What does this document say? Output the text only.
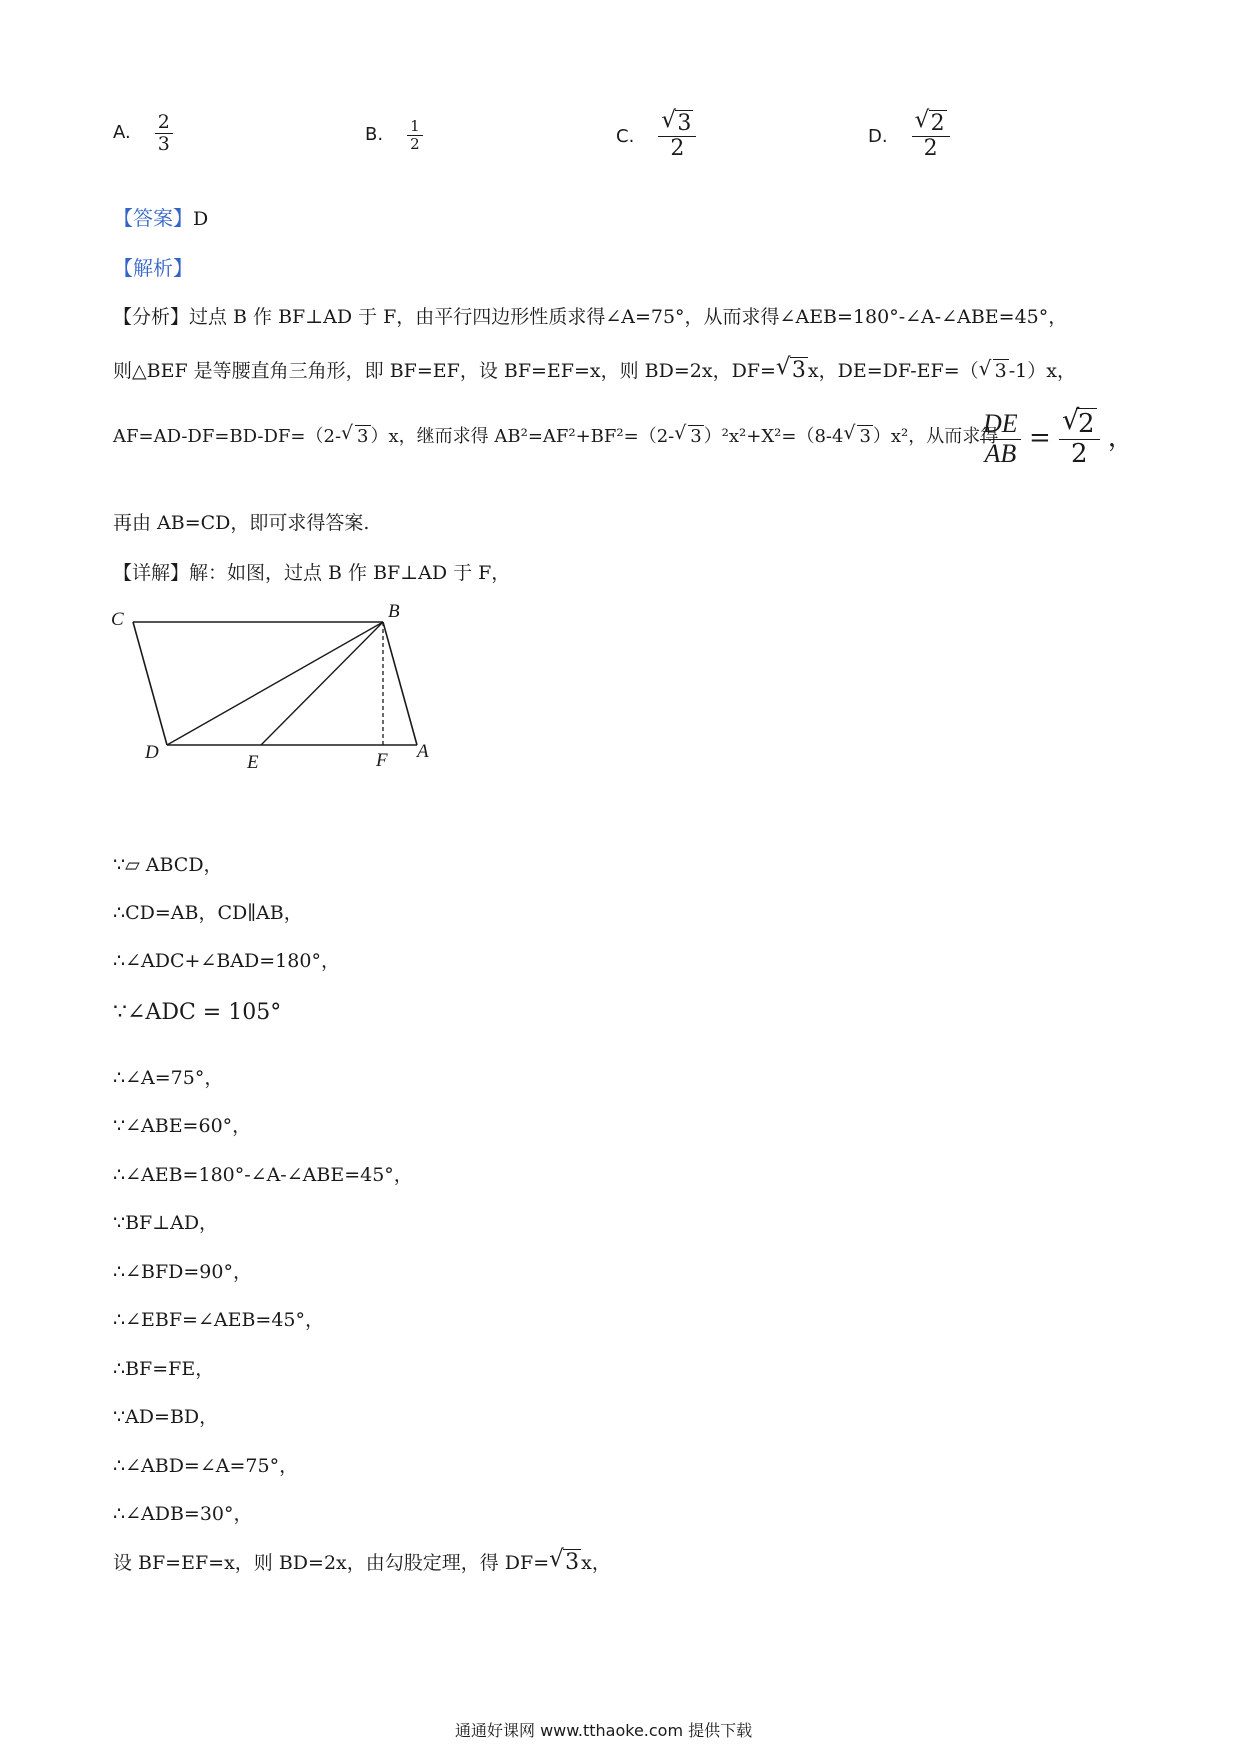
A. $\frac{2}{3}$	B. $\frac{1}{2}$	C. √ $\frac{3}{2}$	D. √ $\frac{2}{2}$
【答案】D
【解析】
【分析】过点 B 作 BF⊥AD 于 F，由平行四边形性质求得∠A=75°，从而求得∠AEB=180°-∠A-∠ABE=45°，
则△BEF 是等腰直角三角形，即 BF=EF，设 BF=EF=x，则 BD=2x，DF= √ 3 x，DE=DF-EF=（ √ 3 -1）x，
AF=AD-DF=BD-DF=（2- √ 3 ）x，继而求得 AB²=AF²+BF²=（2- √ 3 ）²x²+X²=（8-4 √ 3 ）x²，从而求得
$\frac{DE}{AB}$ = √ $\frac{2}{2}$ ，
再由 AB=CD，即可求得答案.
【详解】解：如图，过点 B 作 BF⊥AD 于 F，
C	B
D	E	F A
∵▱ ABCD，
∴CD=AB，CD∥AB，
∴∠ADC+∠BAD=180°，
∵∠ADC = 105°
∴∠A=75°，
∵∠ABE=60°，
∴∠AEB=180°-∠A-∠ABE=45°，
∵BF⊥AD，
∴∠BFD=90°，
∴∠EBF=∠AEB=45°，
∴BF=FE，
∵AD=BD，
∴∠ABD=∠A=75°，
∴∠ADB=30°，
设 BF=EF=x，则 BD=2x，由勾股定理，得 DF= √ 3 x，
通通好课网 www.tthaoke.com 提供下载
